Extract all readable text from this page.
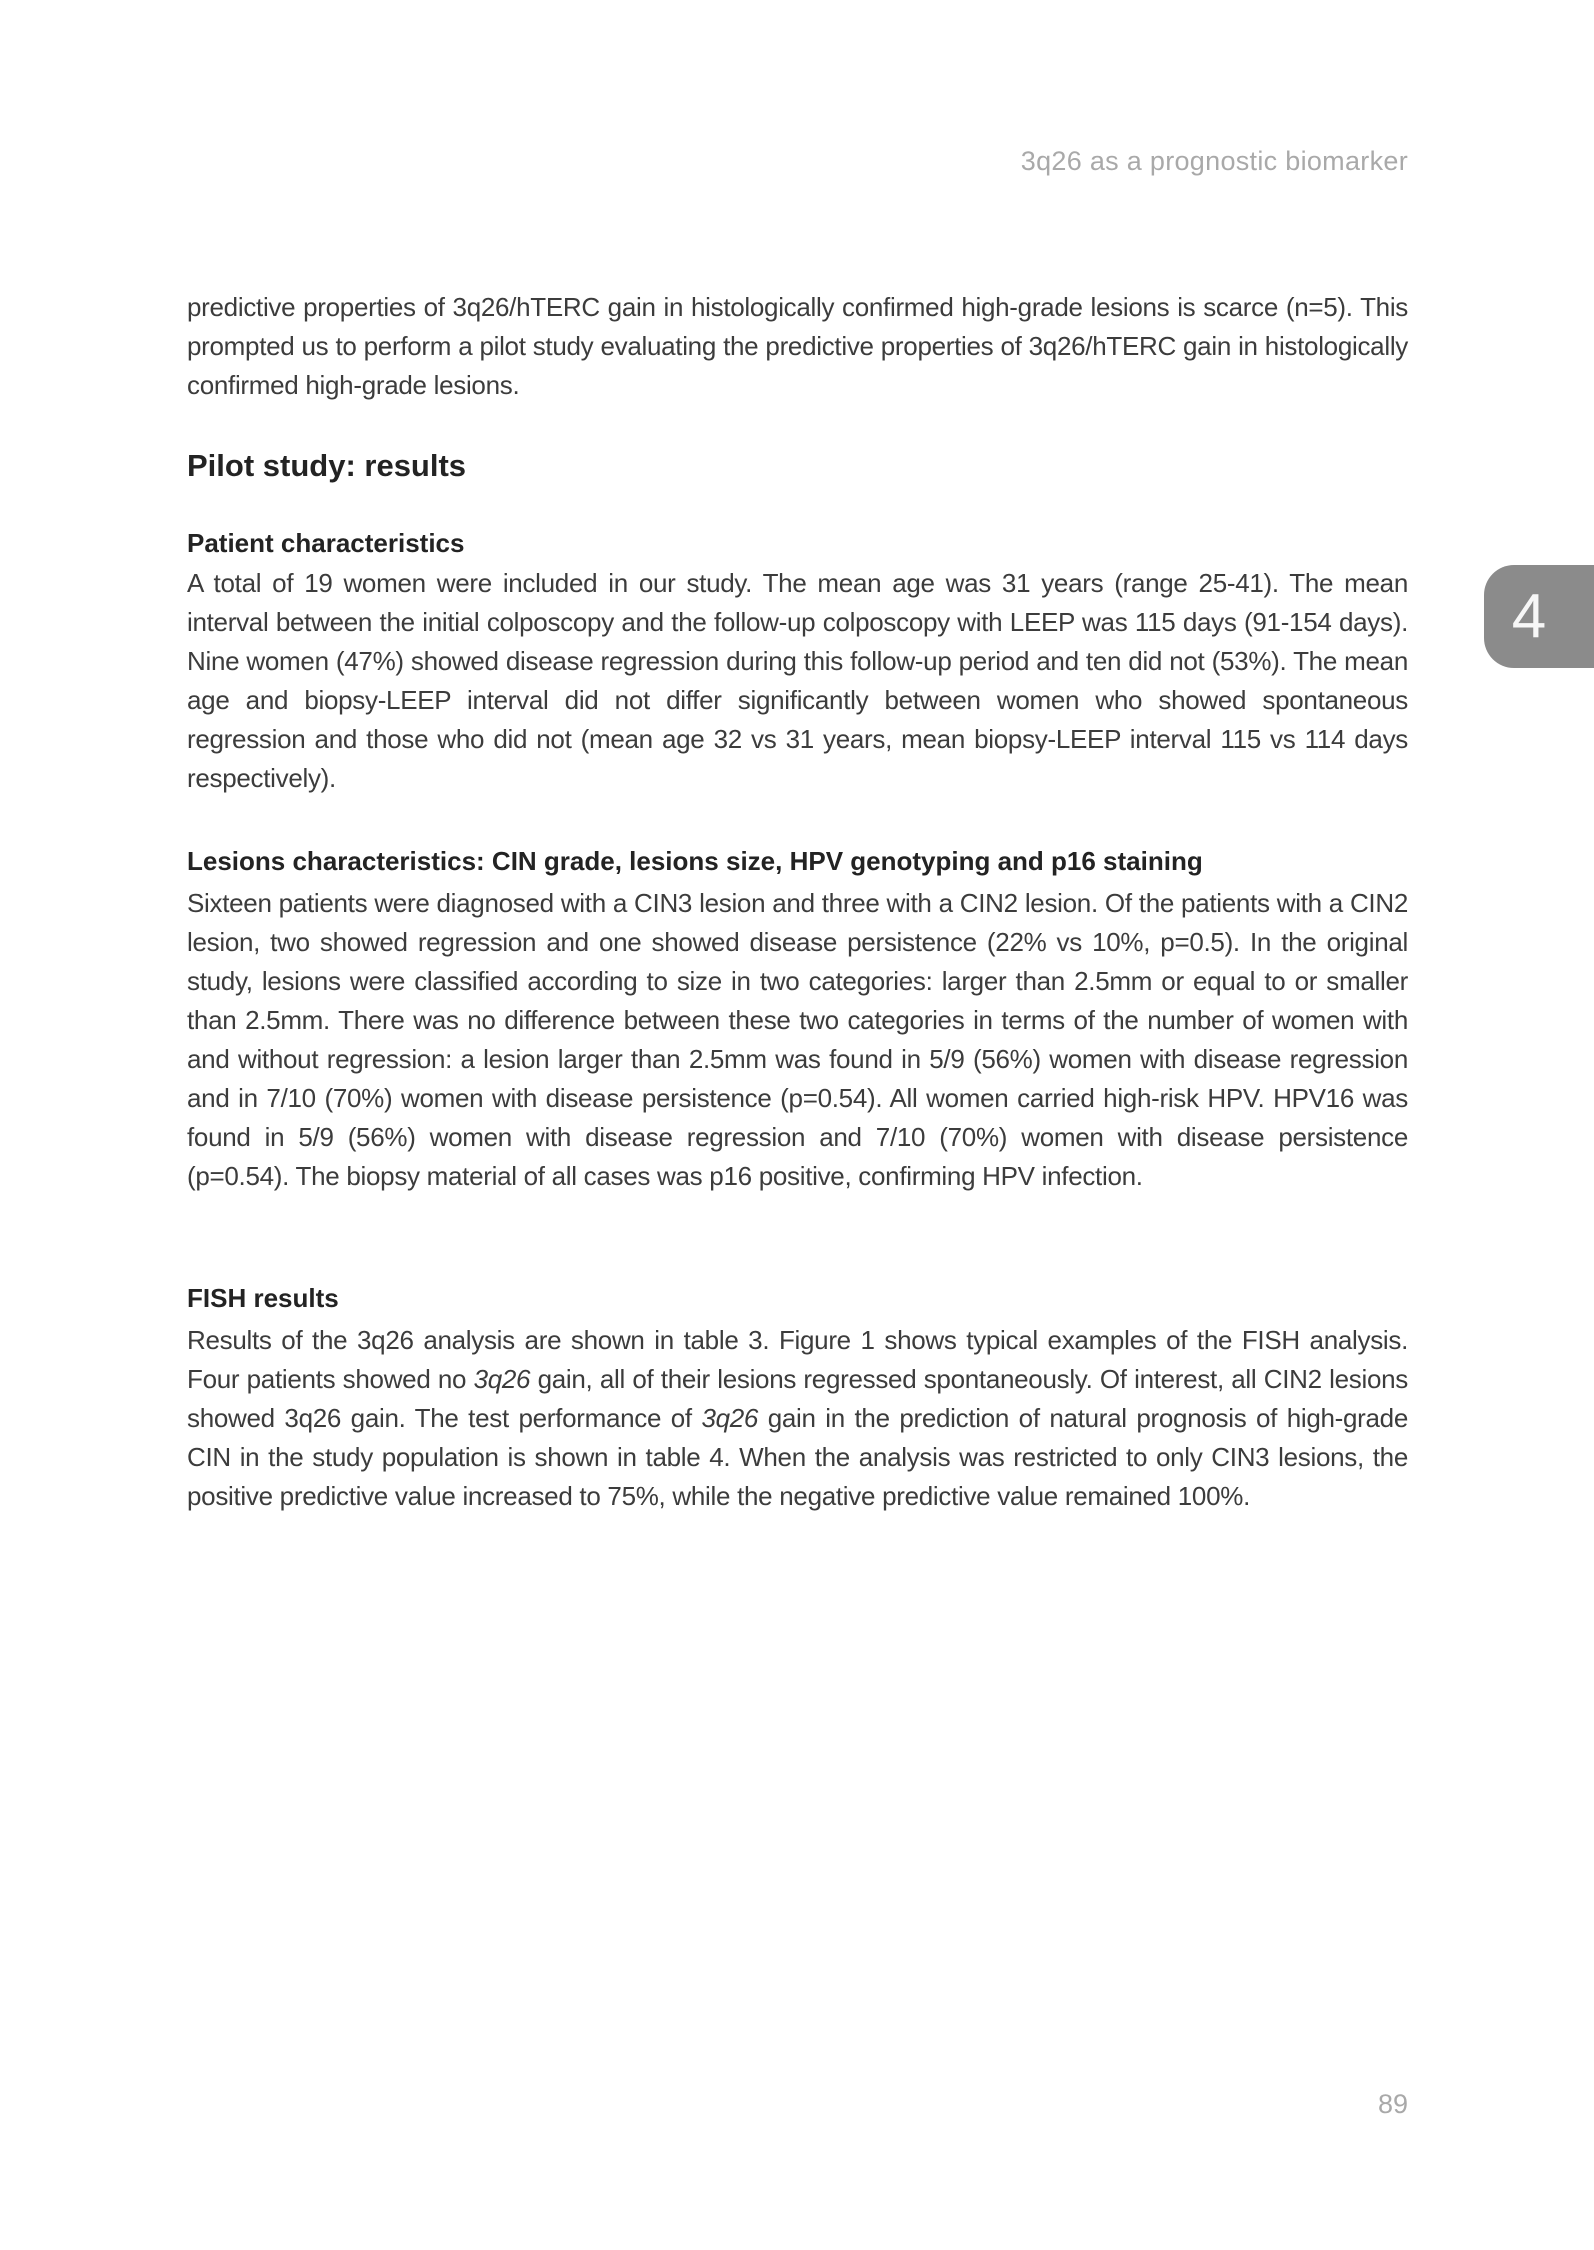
3q26 as a prognostic biomarker
4

predictive properties of 3q26/hTERC gain in histologically confirmed high-grade lesions is scarce (n=5). This prompted us to perform a pilot study evaluating the predictive properties of 3q26/hTERC gain in histologically confirmed high-grade lesions.

Pilot study: results
Patient characteristics

A total of 19 women were included in our study. The mean age was 31 years (range 25-41). The mean interval between the initial colposcopy and the follow-up colposcopy with LEEP was 115 days (91-154 days). Nine women (47%) showed disease regression during this follow-up period and ten did not (53%). The mean age and biopsy-LEEP interval did not differ significantly between women who showed spontaneous regression and those who did not (mean age 32 vs 31 years, mean biopsy-LEEP interval 115 vs 114 days respectively).

Lesions characteristics: CIN grade, lesions size, HPV genotyping and p16 staining

Sixteen patients were diagnosed with a CIN3 lesion and three with a CIN2 lesion. Of the patients with a CIN2 lesion, two showed regression and one showed disease persistence (22% vs 10%, p=0.5). In the original study, lesions were classified according to size in two categories: larger than 2.5mm or equal to or smaller than 2.5mm. There was no difference between these two categories in terms of the number of women with and without regression: a lesion larger than 2.5mm was found in 5/9 (56%) women with disease regression and in 7/10 (70%) women with disease persistence (p=0.54). All women carried high-risk HPV. HPV16 was found in 5/9 (56%) women with disease regression and 7/10 (70%) women with disease persistence (p=0.54). The biopsy material of all cases was p16 positive, confirming HPV infection.

FISH results

Results of the 3q26 analysis are shown in table 3. Figure 1 shows typical examples of the FISH analysis. Four patients showed no 3q26 gain, all of their lesions regressed spontaneously. Of interest, all CIN2 lesions showed 3q26 gain. The test performance of 3q26 gain in the prediction of natural prognosis of high-grade CIN in the study population is shown in table 4. When the analysis was restricted to only CIN3 lesions, the positive predictive value increased to 75%, while the negative predictive value remained 100%.

89
